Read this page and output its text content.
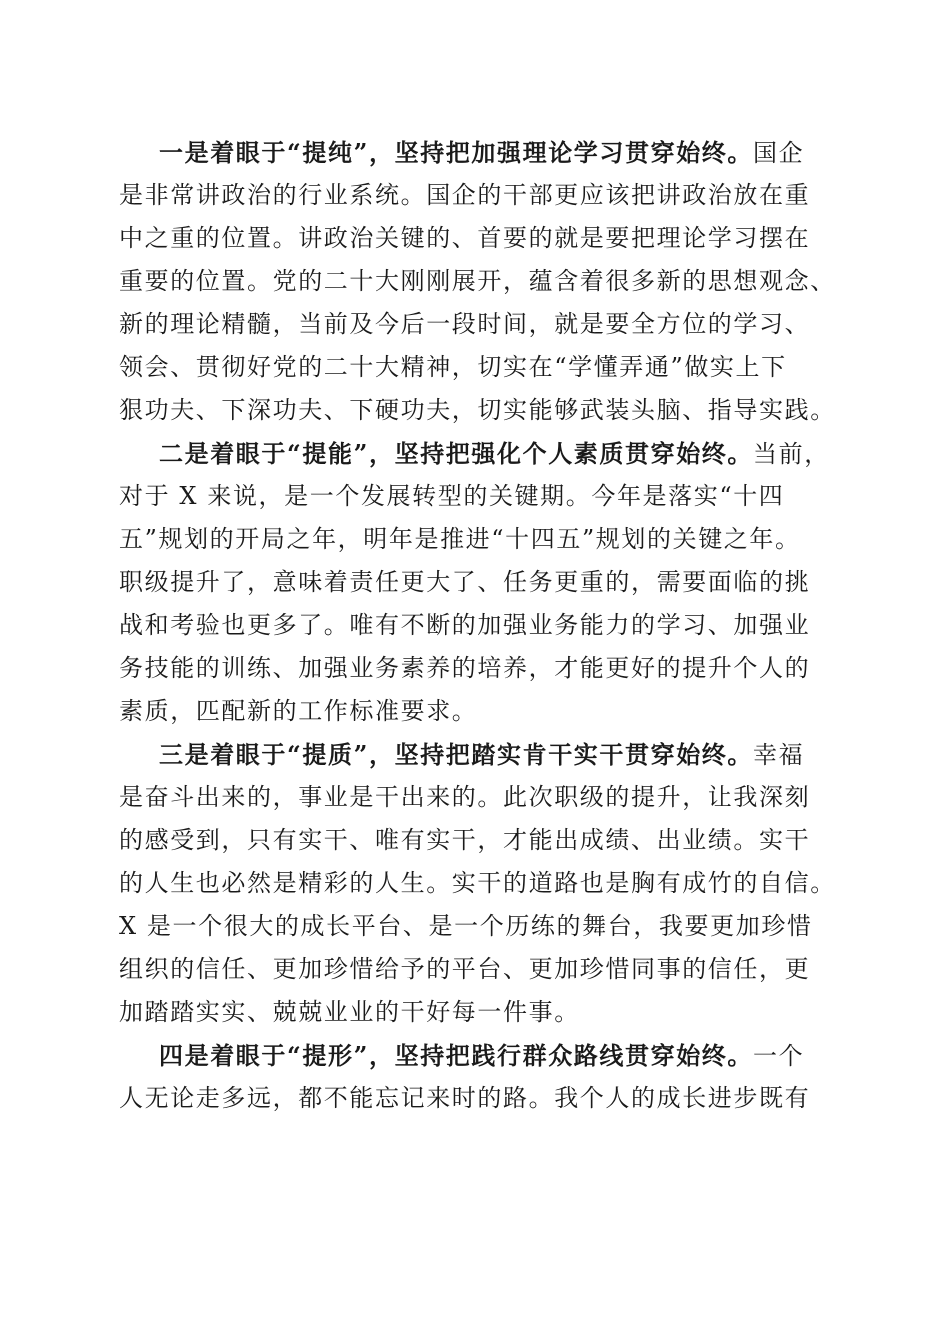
一是着眼于“提纯”，坚持把加强理论学习贯穿始终。国企
是非常讲政治的行业系统。国企的干部更应该把讲政治放在重
中之重的位置。讲政治关键的、首要的就是要把理论学习摆在
重要的位置。党的二十大刚刚展开，蕴含着很多新的思想观念、
新的理论精髓，当前及今后一段时间，就是要全方位的学习、
领会、贯彻好党的二十大精神，切实在“学懂弄通”做实上下
狠功夫、下深功夫、下硬功夫，切实能够武装头脑、指导实践。
二是着眼于“提能”，坚持把强化个人素质贯穿始终。当前，
对于 X 来说，是一个发展转型的关键期。今年是落实“十四
五”规划的开局之年，明年是推进“十四五”规划的关键之年。
职级提升了，意味着责任更大了、任务更重的，需要面临的挑
战和考验也更多了。唯有不断的加强业务能力的学习、加强业
务技能的训练、加强业务素养的培养，才能更好的提升个人的
素质，匹配新的工作标准要求。
三是着眼于“提质”，坚持把踏实肯干实干贯穿始终。幸福
是奋斗出来的，事业是干出来的。此次职级的提升，让我深刻
的感受到，只有实干、唯有实干，才能出成绩、出业绩。实干
的人生也必然是精彩的人生。实干的道路也是胸有成竹的自信。
X 是一个很大的成长平台、是一个历练的舞台，我要更加珍惜
组织的信任、更加珍惜给予的平台、更加珍惜同事的信任，更
加踏踏实实、兢兢业业的干好每一件事。
四是着眼于“提形”，坚持把践行群众路线贯穿始终。一个
人无论走多远，都不能忘记来时的路。我个人的成长进步既有
